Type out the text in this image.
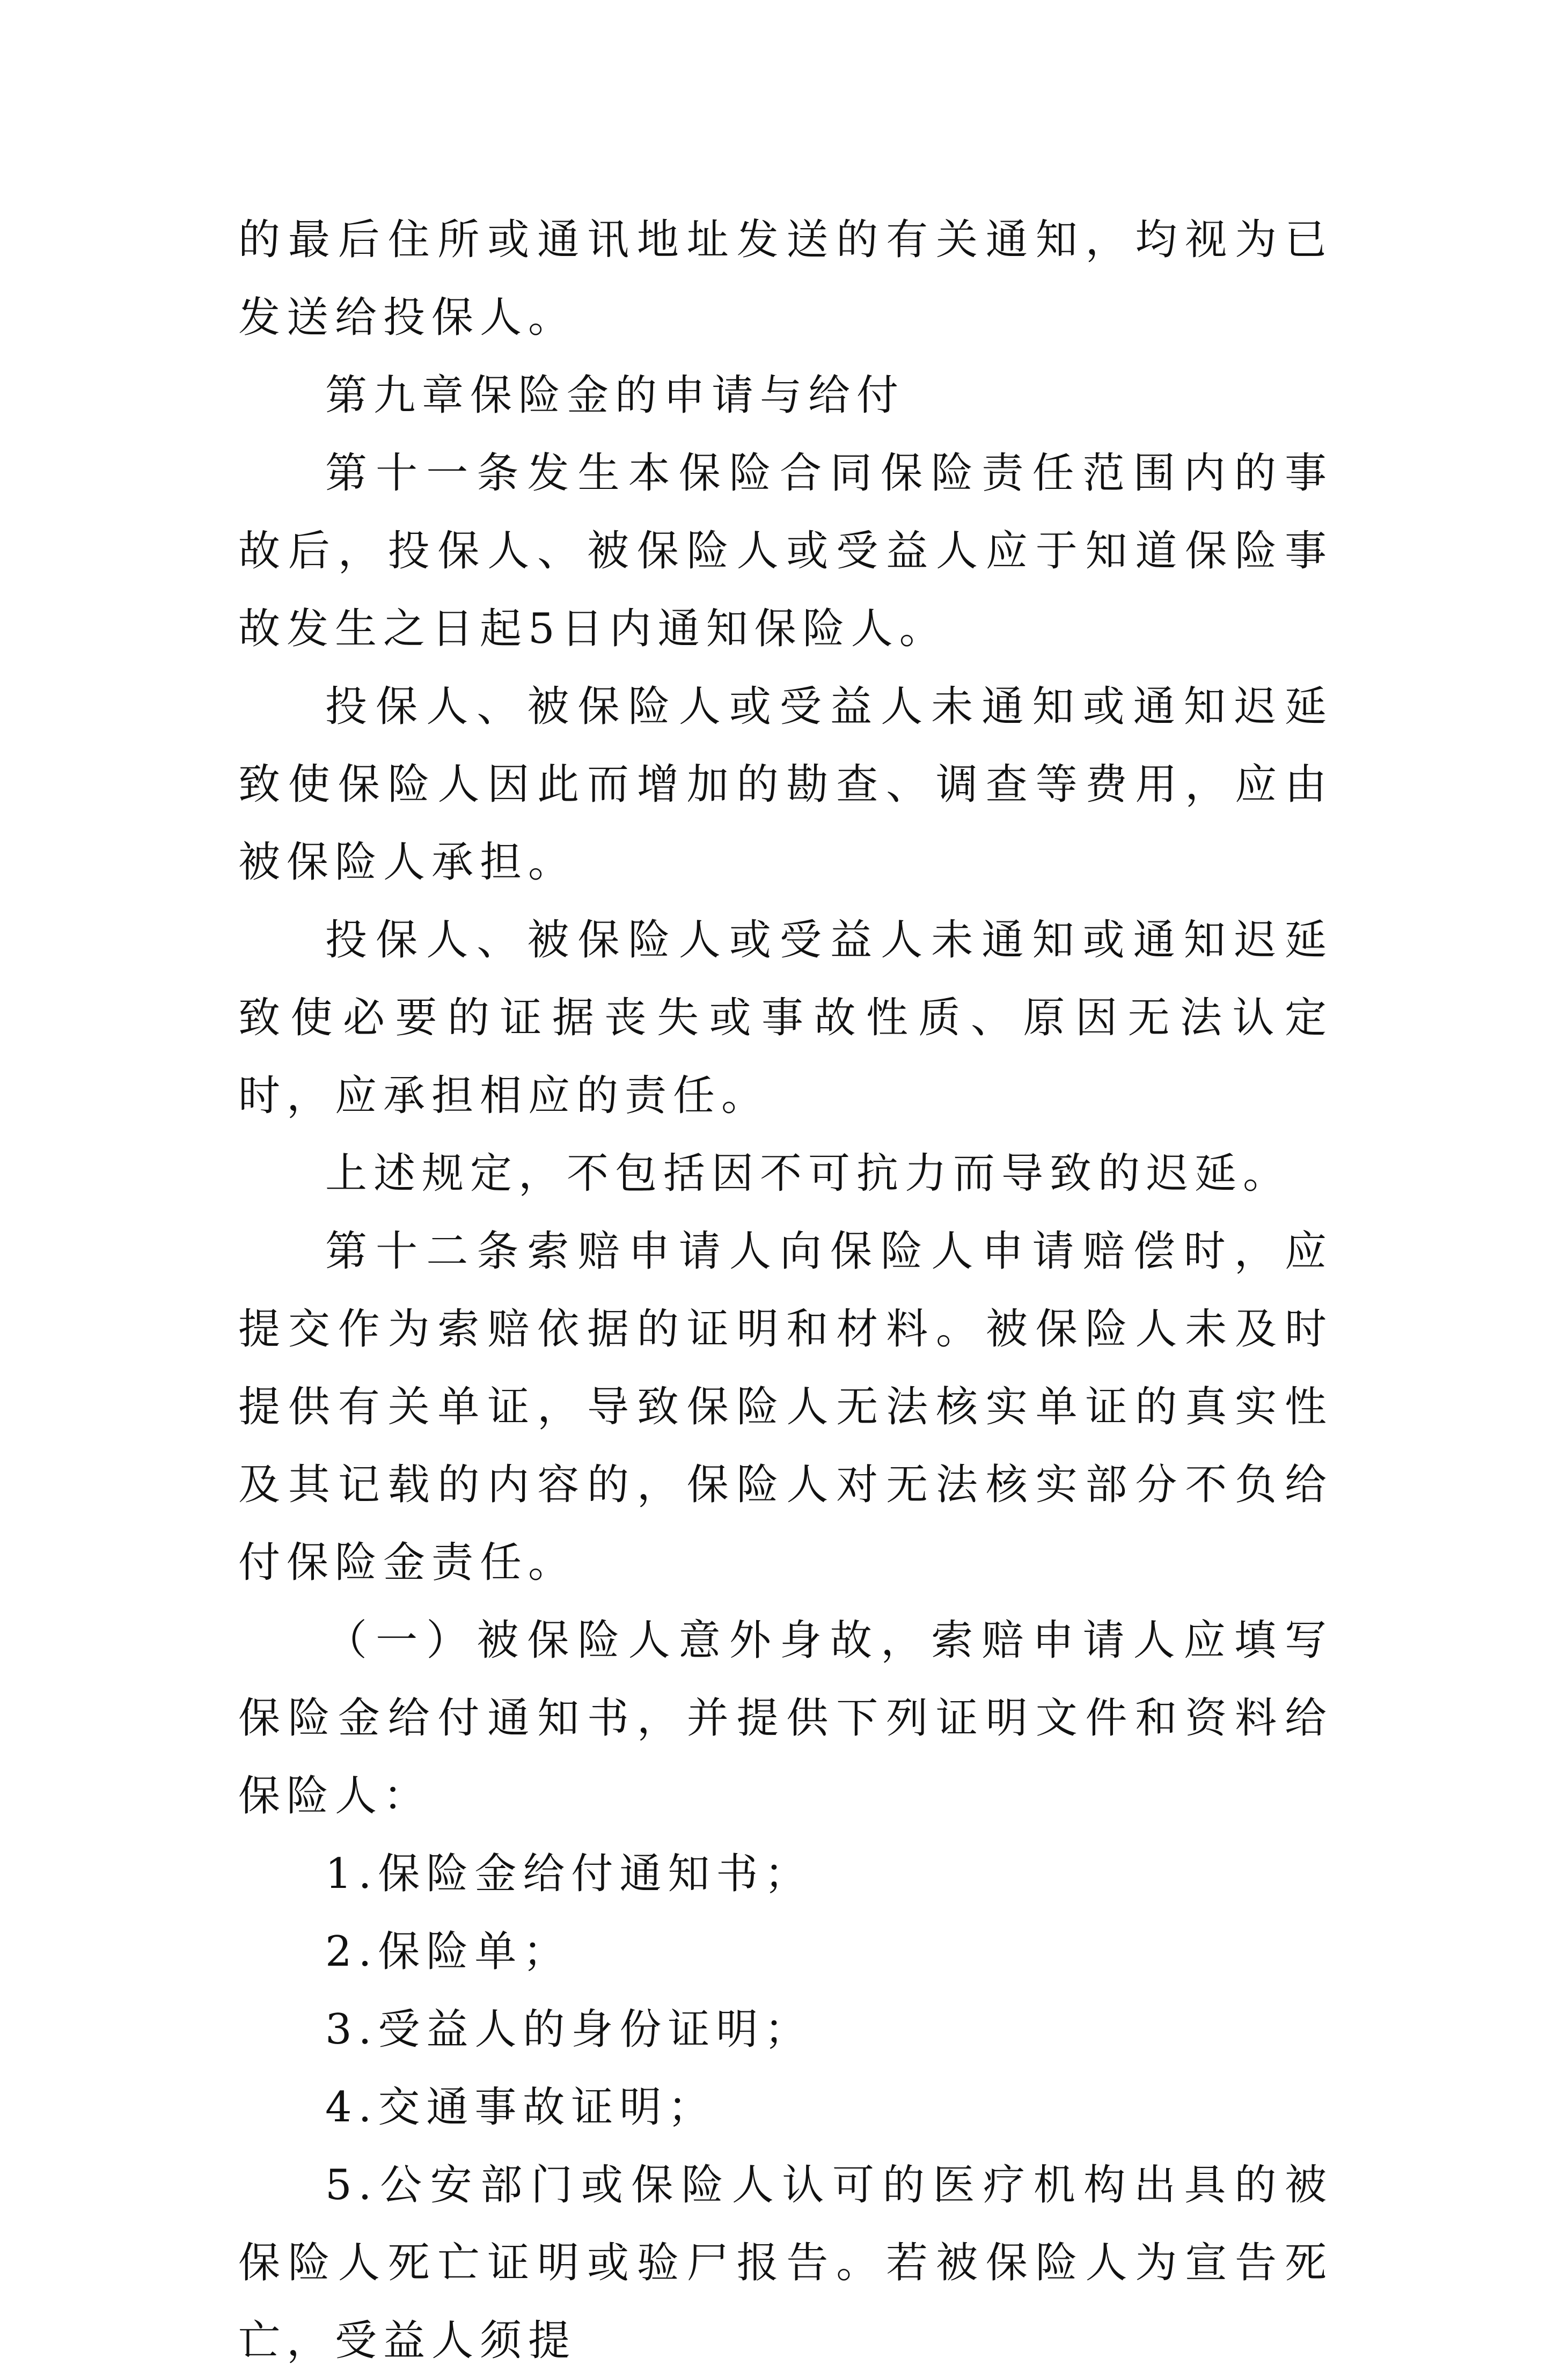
的最后住所或通讯地址发送的有关通知，均视为已发送给投保人。

第九章保险金的申请与给付

第十一条发生本保险合同保险责任范围内的事故后，投保人、被保险人或受益人应于知道保险事故发生之日起5日内通知保险人。

投保人、被保险人或受益人未通知或通知迟延致使保险人因此而增加的勘查、调查等费用，应由被保险人承担。

投保人、被保险人或受益人未通知或通知迟延致使必要的证据丧失或事故性质、原因无法认定时，应承担相应的责任。

上述规定，不包括因不可抗力而导致的迟延。

第十二条索赔申请人向保险人申请赔偿时，应提交作为索赔依据的证明和材料。被保险人未及时提供有关单证，导致保险人无法核实单证的真实性及其记载的内容的，保险人对无法核实部分不负给付保险金责任。

（一）被保险人意外身故，索赔申请人应填写保险金给付通知书，并提供下列证明文件和资料给保险人：

1.保险金给付通知书；

2.保险单；

3.受益人的身份证明；

4.交通事故证明；

5.公安部门或保险人认可的医疗机构出具的被保险人死亡证明或验尸报告。若被保险人为宣告死亡，受益人须提
